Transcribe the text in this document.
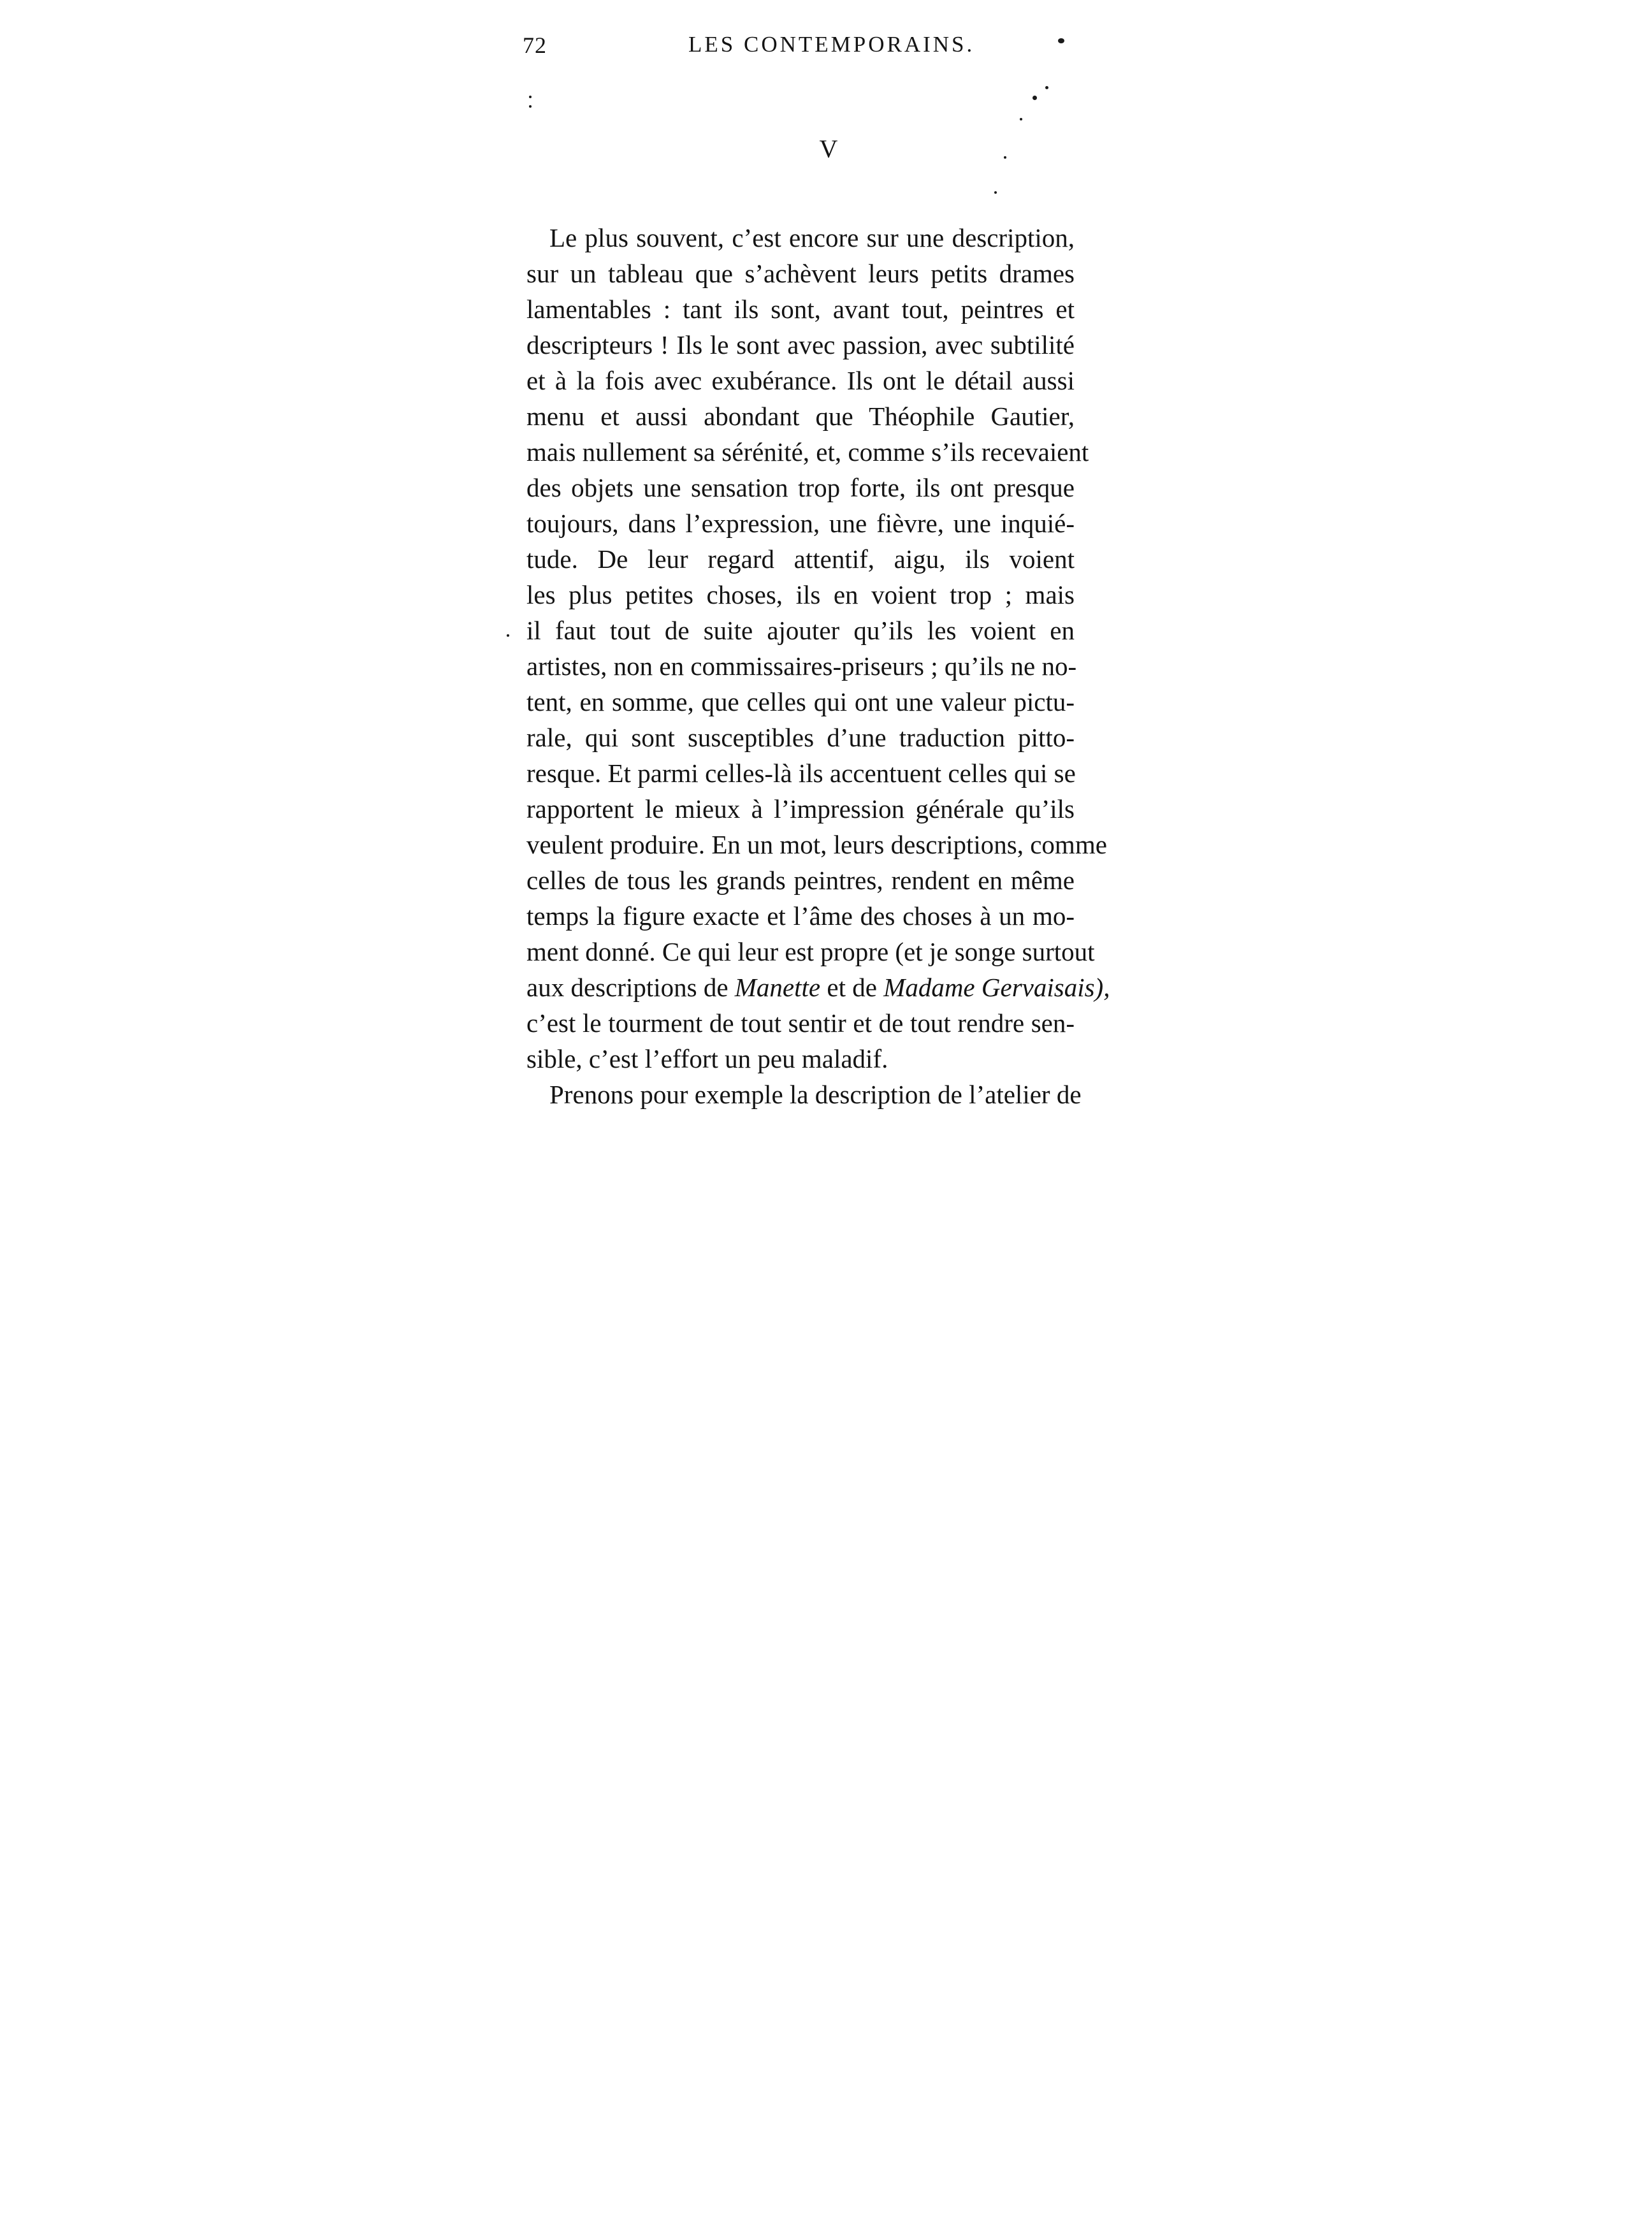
72	LES CONTEMPORAINS.
V
Le plus souvent, c’est encore sur une description,
sur un tableau que s’achèvent leurs petits drames
lamentables : tant ils sont, avant tout, peintres et
descripteurs ! Ils le sont avec passion, avec subtilité
et à la fois avec exubérance. Ils ont le détail aussi
menu et aussi abondant que Théophile Gautier,
mais nullement sa sérénité, et, comme s’ils recevaient
des objets une sensation trop forte, ils ont presque
toujours, dans l’expression, une fièvre, une inquié-
tude. De leur regard attentif, aigu, ils voient
les plus petites choses, ils en voient trop ; mais
il faut tout de suite ajouter qu’ils les voient en
artistes, non en commissaires-priseurs ; qu’ils ne no-
tent, en somme, que celles qui ont une valeur pictu-
rale, qui sont susceptibles d’une traduction pitto-
resque. Et parmi celles-là ils accentuent celles qui se
rapportent le mieux à l’impression générale qu’ils
veulent produire. En un mot, leurs descriptions, comme
celles de tous les grands peintres, rendent en même
temps la figure exacte et l’âme des choses à un mo-
ment donné. Ce qui leur est propre (et je songe surtout
aux descriptions de Manette et de Madame Gervaisais),
c’est le tourment de tout sentir et de tout rendre sen-
sible, c’est l’effort un peu maladif.
Prenons pour exemple la description de l’atelier de
